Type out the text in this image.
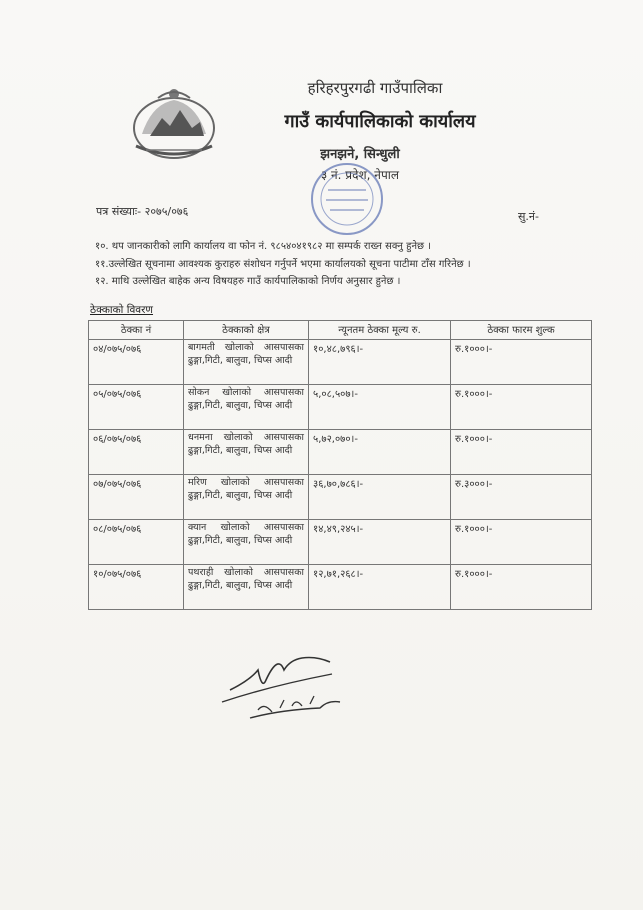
हरिहरपुरगढी गाउँपालिका
गाउँ कार्यपालिकाको कार्यालय
झनझने, सिन्धुली
३ नं. प्रदेश, नेपाल
पत्र संख्याः- २०७५/०७६	सु.नं-
१०. थप जानकारीको लागि कार्यालय वा फोन नं. ९८५४०४१९८२ मा सम्पर्क राख्न सक्नु हुनेछ ।
११.उल्लेखित सूचनामा आवश्यक कुराहरु संशोधन गर्नुपर्ने भएमा कार्यालयको सूचना पाटीमा टाँस गरिनेछ ।
१२. माथि उल्लेखित बाहेक अन्य विषयहरु गाउँ कार्यपालिकाको निर्णय अनुसार हुनेछ ।
ठेक्काको विवरण
ठेक्का नं	ठेक्काको क्षेत्र	न्यूनतम ठेक्का मूल्य रु.	ठेक्का फारम शुल्क
०४/०७५/०७६	बागमती खोलाको आसपासका ढुङ्गा,गिटी, बालुवा, चिप्स आदी	१०,४८,७९६।-	रु.१०००।-
०५/०७५/०७६	सोकन खोलाको आसपासका ढुङ्गा,गिटी, बालुवा, चिप्स आदी	५,०८,५०७।-	रु.१०००।-
०६/०७५/०७६	धनमना खोलाको आसपासका ढुङ्गा,गिटी, बालुवा, चिप्स आदी	५,७२,०७०।-	रु.१०००।-
०७/०७५/०७६	मरिण खोलाको आसपासका ढुङ्गा,गिटी, बालुवा, चिप्स आदी	३६,७०,७८६।-	रु.३०००।-
०८/०७५/०७६	क्यान खोलाको आसपासका ढुङ्गा,गिटी, बालुवा, चिप्स आदी	१४,४९,२४५।-	रु.१०००।-
१०/०७५/०७६	पथराही खोलाको आसपासका ढुङ्गा,गिटी, बालुवा, चिप्स आदी	१२,७१,२६८।-	रु.१०००।-
